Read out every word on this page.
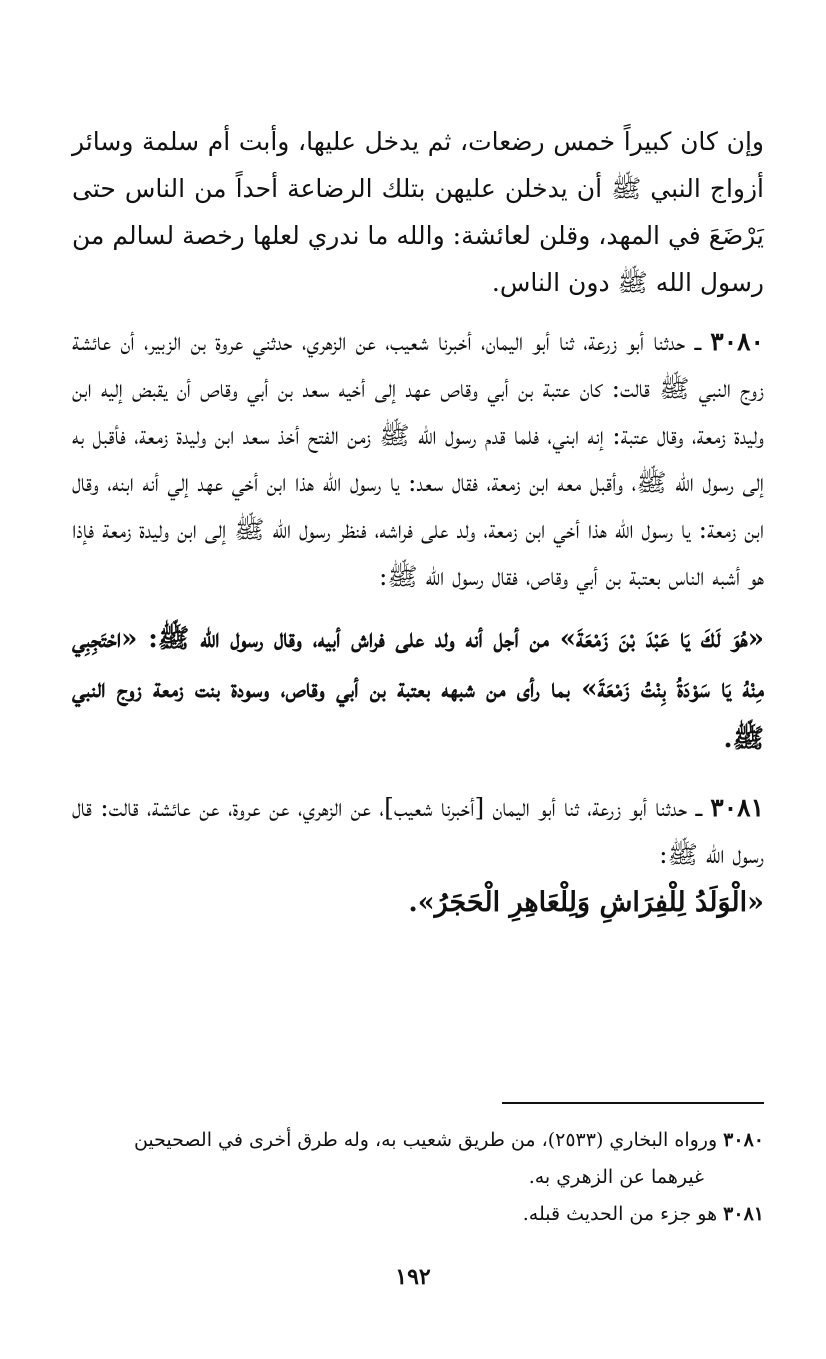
وإن كان كبيراً خمس رضعات، ثم يدخل عليها، وأبت أم سلمة وسائر أزواج النبي ﷺ أن يدخلن عليهن بتلك الرضاعة أحداً من الناس حتى يَرْضَعَ في المهد، وقلن لعائشة: والله ما ندري لعلها رخصة لسالم من رسول الله ﷺ دون الناس.

٣٠٨٠ ــ حدثنا أبو زرعة، ثنا أبو اليمان، أخبرنا شعيب، عن الزهري، حدثني عروة بن الزبير، أن عائشة زوج النبي ﷺ قالت: كان عتبة بن أبي وقاص عهد إلى أخيه سعد بن أبي وقاص أن يقبض إليه ابن وليدة زمعة، وقال عتبة: إنه ابني، فلما قدم رسول الله ﷺ زمن الفتح أخذ سعد ابن وليدة زمعة، فأقبل به إلى رسول الله ﷺ، وأقبل معه ابن زمعة، فقال سعد: يا رسول الله هذا ابن أخي عهد إلي أنه ابنه، وقال ابن زمعة: يا رسول الله هذا أخي ابن زمعة، ولد على فراشه، فنظر رسول الله ﷺ إلى ابن وليدة زمعة فإذا هو أشبه الناس بعتبة بن أبي وقاص، فقال رسول الله ﷺ:

«هُوَ لَكَ يَا عَبْدَ بْنَ زَمْعَةَ» من أجل أنه ولد على فراش أبيه، وقال رسول الله ﷺ: «احْتَجِبِي مِنْهُ يَا سَوْدَةُ بِنْتُ زَمْعَةَ» بما رأى من شبهه بعتبة بن أبي وقاص، وسودة بنت زمعة زوج النبي ﷺ.

٣٠٨١ ــ حدثنا أبو زرعة، ثنا أبو اليمان [أخبرنا شعيب]، عن الزهري، عن عروة، عن عائشة، قالت: قال رسول الله ﷺ:

«الْوَلَدُ لِلْفِرَاشِ وَلِلْعَاهِرِ الْحَجَرُ».

٣٠٨٠ ورواه البخاري (٢٥٣٣)، من طريق شعيب به، وله طرق أخرى في الصحيحين
غيرهما عن الزهري به.

٣٠٨١ هو جزء من الحديث قبله.

١٩٢
